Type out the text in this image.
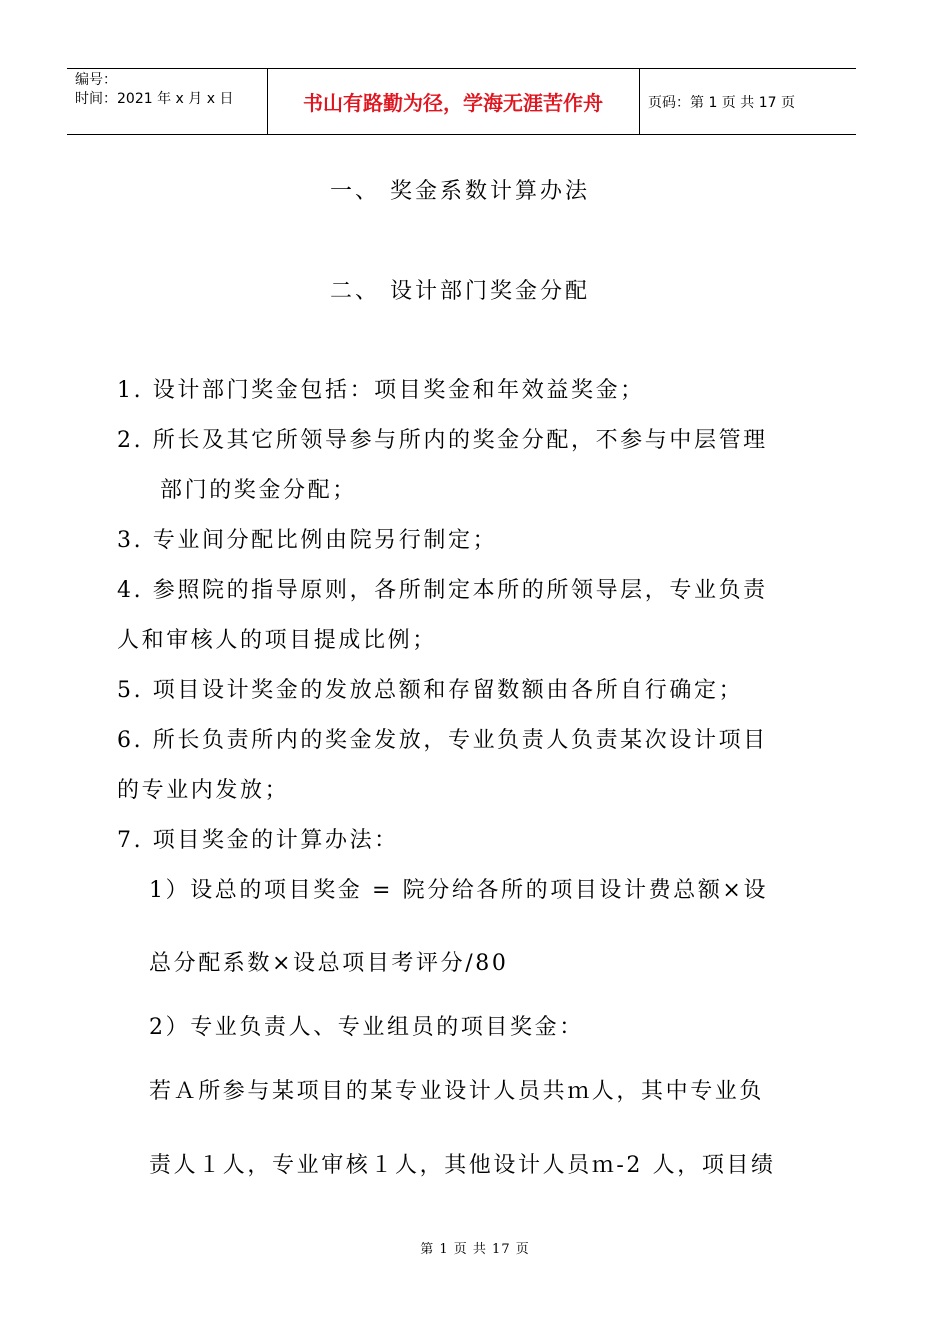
编号：
时间：2021 年 x 月 x 日	书山有路勤为径，学海无涯苦作舟	页码：第 1 页 共 17 页
一、 奖金系数计算办法
二、 设计部门奖金分配
1. 设计部门奖金包括：项目奖金和年效益奖金；
2. 所长及其它所领导参与所内的奖金分配，不参与中层管理
部门的奖金分配；
3. 专业间分配比例由院另行制定；
4. 参照院的指导原则，各所制定本所的所领导层，专业负责
人和审核人的项目提成比例；
5. 项目设计奖金的发放总额和存留数额由各所自行确定；
6. 所长负责所内的奖金发放，专业负责人负责某次设计项目
的专业内发放；
7. 项目奖金的计算办法：
1）设总的项目奖金 = 院分给各所的项目设计费总额×设
总分配系数×设总项目考评分/80
2）专业负责人、专业组员的项目奖金：
若Ａ所参与某项目的某专业设计人员共ｍ人，其中专业负
责人１人，专业审核１人，其他设计人员ｍ-2 人，项目绩
第 1 页 共 17 页
